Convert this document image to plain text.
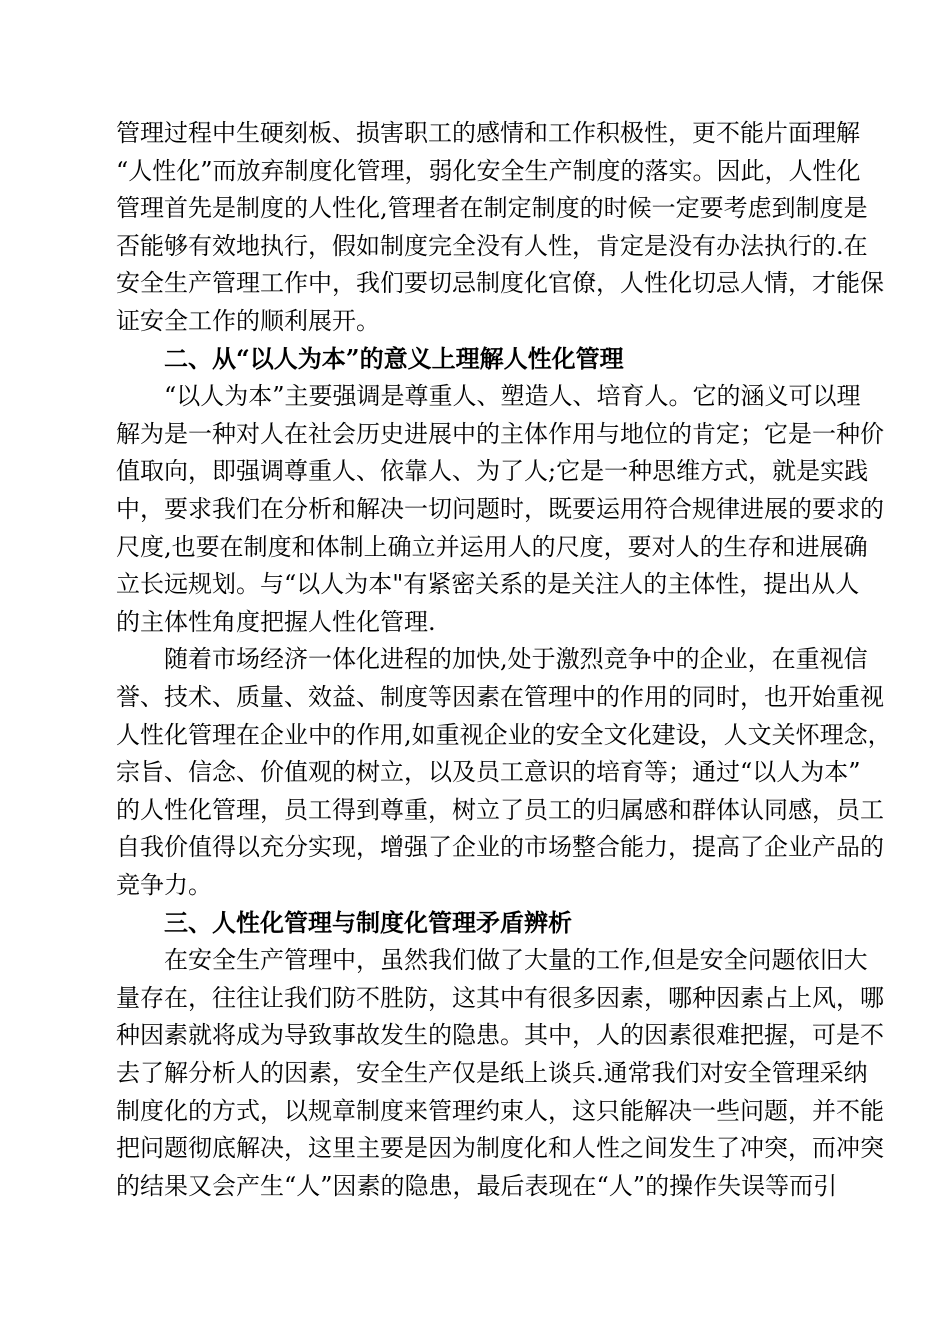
管理过程中生硬刻板、损害职工的感情和工作积极性，更不能片面理解
“人性化”而放弃制度化管理，弱化安全生产制度的落实。因此，人性化
管理首先是制度的人性化,管理者在制定制度的时候一定要考虑到制度是
否能够有效地执行，假如制度完全没有人性，肯定是没有办法执行的.在
安全生产管理工作中，我们要切忌制度化官僚，人性化切忌人情，才能保
证安全工作的顺利展开。
二、从“以人为本”的意义上理解人性化管理
“以人为本”主要强调是尊重人、塑造人、培育人。它的涵义可以理
解为是一种对人在社会历史进展中的主体作用与地位的肯定；它是一种价
值取向，即强调尊重人、依靠人、为了人;它是一种思维方式，就是实践
中，要求我们在分析和解决一切问题时，既要运用符合规律进展的要求的
尺度,也要在制度和体制上确立并运用人的尺度，要对人的生存和进展确
立长远规划。与“以人为本"有紧密关系的是关注人的主体性，提出从人
的主体性角度把握人性化管理.
随着市场经济一体化进程的加快,处于激烈竞争中的企业，在重视信
誉、技术、质量、效益、制度等因素在管理中的作用的同时，也开始重视
人性化管理在企业中的作用,如重视企业的安全文化建设，人文关怀理念，
宗旨、信念、价值观的树立，以及员工意识的培育等；通过“以人为本”
的人性化管理，员工得到尊重，树立了员工的归属感和群体认同感，员工
自我价值得以充分实现，增强了企业的市场整合能力，提高了企业产品的
竞争力。
三、人性化管理与制度化管理矛盾辨析
在安全生产管理中，虽然我们做了大量的工作,但是安全问题依旧大
量存在，往往让我们防不胜防，这其中有很多因素，哪种因素占上风，哪
种因素就将成为导致事故发生的隐患。其中，人的因素很难把握，可是不
去了解分析人的因素，安全生产仅是纸上谈兵.通常我们对安全管理采纳
制度化的方式，以规章制度来管理约束人，这只能解决一些问题，并不能
把问题彻底解决，这里主要是因为制度化和人性之间发生了冲突，而冲突
的结果又会产生“人”因素的隐患，最后表现在“人”的操作失误等而引
